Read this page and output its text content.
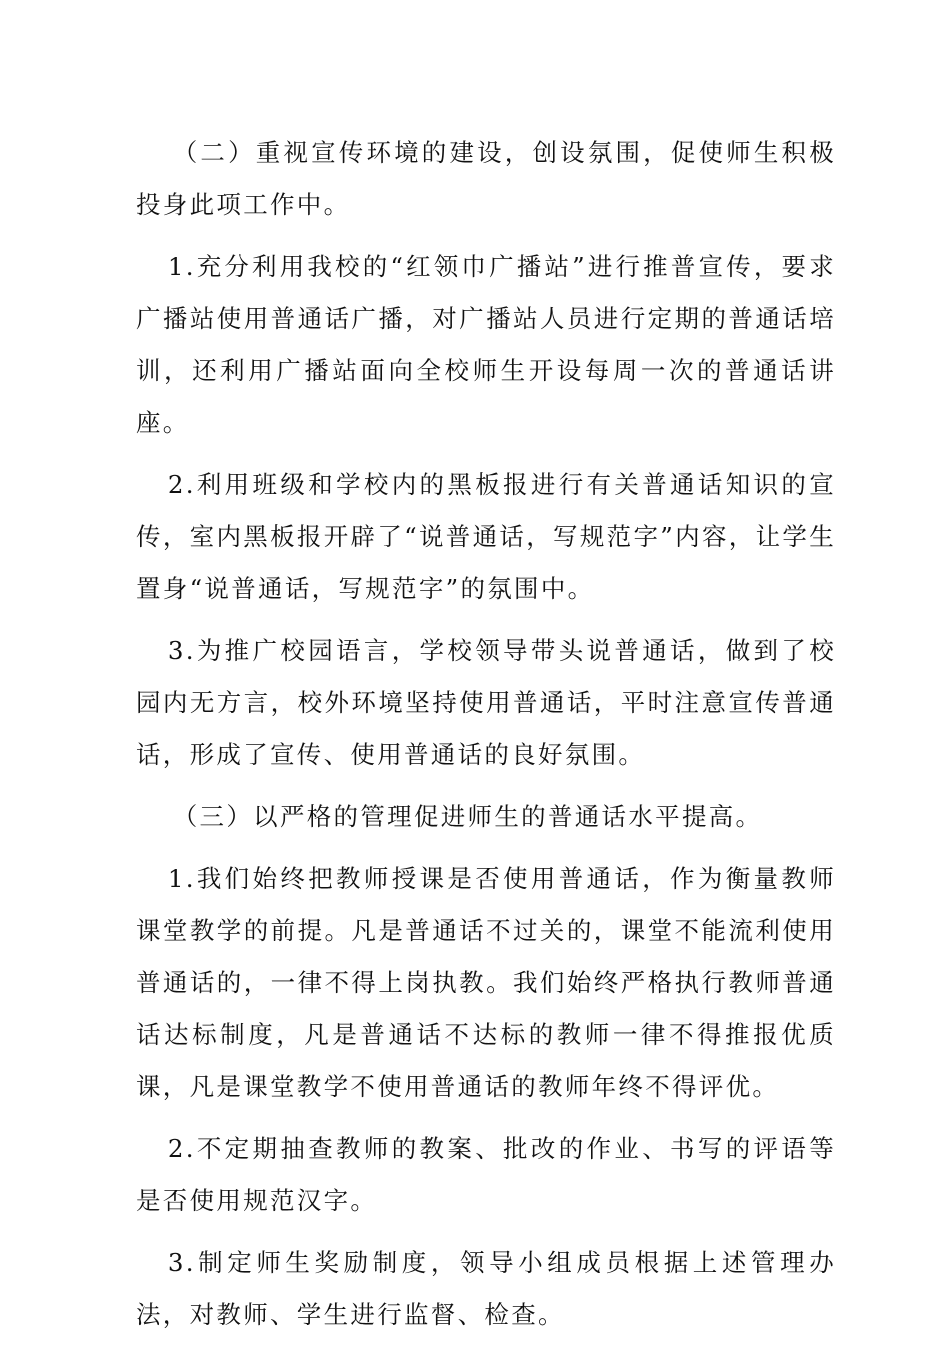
（二）重视宣传环境的建设，创设氛围，促使师生积极投身此项工作中。

1.充分利用我校的“红领巾广播站”进行推普宣传，要求广播站使用普通话广播，对广播站人员进行定期的普通话培训，还利用广播站面向全校师生开设每周一次的普通话讲座。

2.利用班级和学校内的黑板报进行有关普通话知识的宣传，室内黑板报开辟了“说普通话，写规范字”内容，让学生置身“说普通话，写规范字”的氛围中。

3.为推广校园语言，学校领导带头说普通话，做到了校园内无方言，校外环境坚持使用普通话，平时注意宣传普通话，形成了宣传、使用普通话的良好氛围。

（三）以严格的管理促进师生的普通话水平提高。

1.我们始终把教师授课是否使用普通话，作为衡量教师课堂教学的前提。凡是普通话不过关的，课堂不能流利使用普通话的，一律不得上岗执教。我们始终严格执行教师普通话达标制度，凡是普通话不达标的教师一律不得推报优质课，凡是课堂教学不使用普通话的教师年终不得评优。

2.不定期抽查教师的教案、批改的作业、书写的评语等是否使用规范汉字。

3.制定师生奖励制度，领导小组成员根据上述管理办法，对教师、学生进行监督、检查。
